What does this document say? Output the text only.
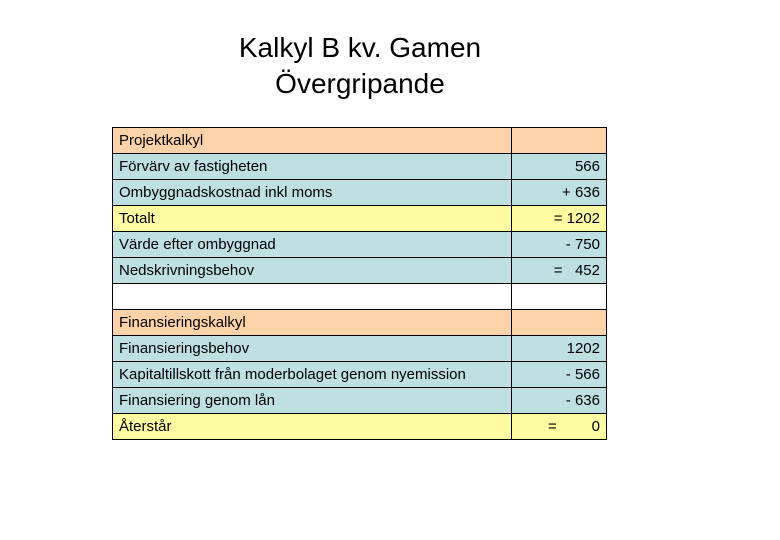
Kalkyl B kv. Gamen
Övergripande
Projektkalkyl	
Förvärv av fastigheten	566
Ombyggnadskostnad inkl moms	+ 636
Totalt	= 1202
Värde efter ombyggnad	- 750
Nedskrivningsbehov	=   452

Finansieringskalkyl	
Finansieringsbehov	1202
Kapitaltillskott från moderbolaget genom nyemission	- 566
Finansiering genom lån	- 636
Återstår	= 0
